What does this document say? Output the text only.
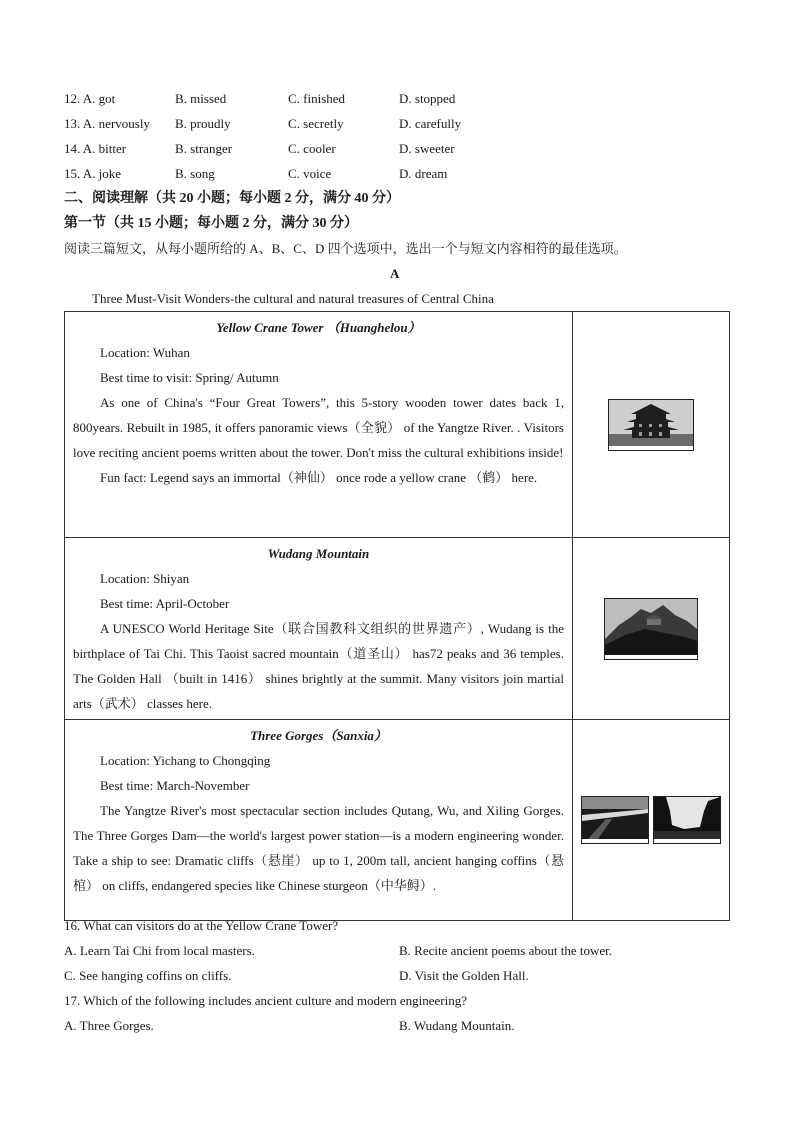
12. A. got	B. missed	C. finished	D. stopped
13. A. nervously B. proudly	C. secretly	D. carefully
14. A. bitter	B. stranger	C. cooler	D. sweeter
15. A. joke	B. song	C. voice	D. dream
二、阅读理解（共 20 小题；每小题 2 分，满分 40 分）
第一节（共 15 小题；每小题 2 分，满分 30 分）
阅读三篇短文，从每小题所给的 A、B、C、D 四个选项中，选出一个与短文内容相符的最佳选项。
A
Three Must-Visit Wonders-the cultural and natural treasures of Central China
Yellow Crane Tower （Huanghelou）
Location: Wuhan
Best time to visit: Spring/ Autumn
As one of China's “Four Great Towers”, this 5-story wooden tower dates back 1, 800years. Rebuilt in 1985, it offers panoramic views（全貌） of the Yangtze River. . Visitors love reciting ancient poems written about the tower. Don't miss the cultural exhibitions inside!
Fun fact: Legend says an immortal（神仙） once rode a yellow crane （鹤） here.

Wudang Mountain
Location: Shiyan
Best time: April-October
A UNESCO World Heritage Site（联合国教科文组织的世界遗产）, Wudang is the birthplace of Tai Chi. This Taoist sacred mountain（道圣山） has72 peaks and 36 temples. The Golden Hall （built in 1416） shines brightly at the summit. Many visitors join martial arts（武术） classes here.

Three Gorges（Sanxia）
Location: Yichang to Chongqing
Best time: March-November
The Yangtze River's most spectacular section includes Qutang, Wu, and Xiling Gorges. The Three Gorges Dam—the world's largest power station—is a modern engineering wonder. Take a ship to see: Dramatic cliffs（悬崖） up to 1, 200m tall, ancient hanging coffins（悬棺） on cliffs, endangered species like Chinese sturgeon（中华鲟）.

16. What can visitors do at the Yellow Crane Tower?
A. Learn Tai Chi from local masters.	B. Recite ancient poems about the tower.
C. See hanging coffins on cliffs.	D. Visit the Golden Hall.
17. Which of the following includes ancient culture and modern engineering?
A. Three Gorges.	B. Wudang Mountain.
